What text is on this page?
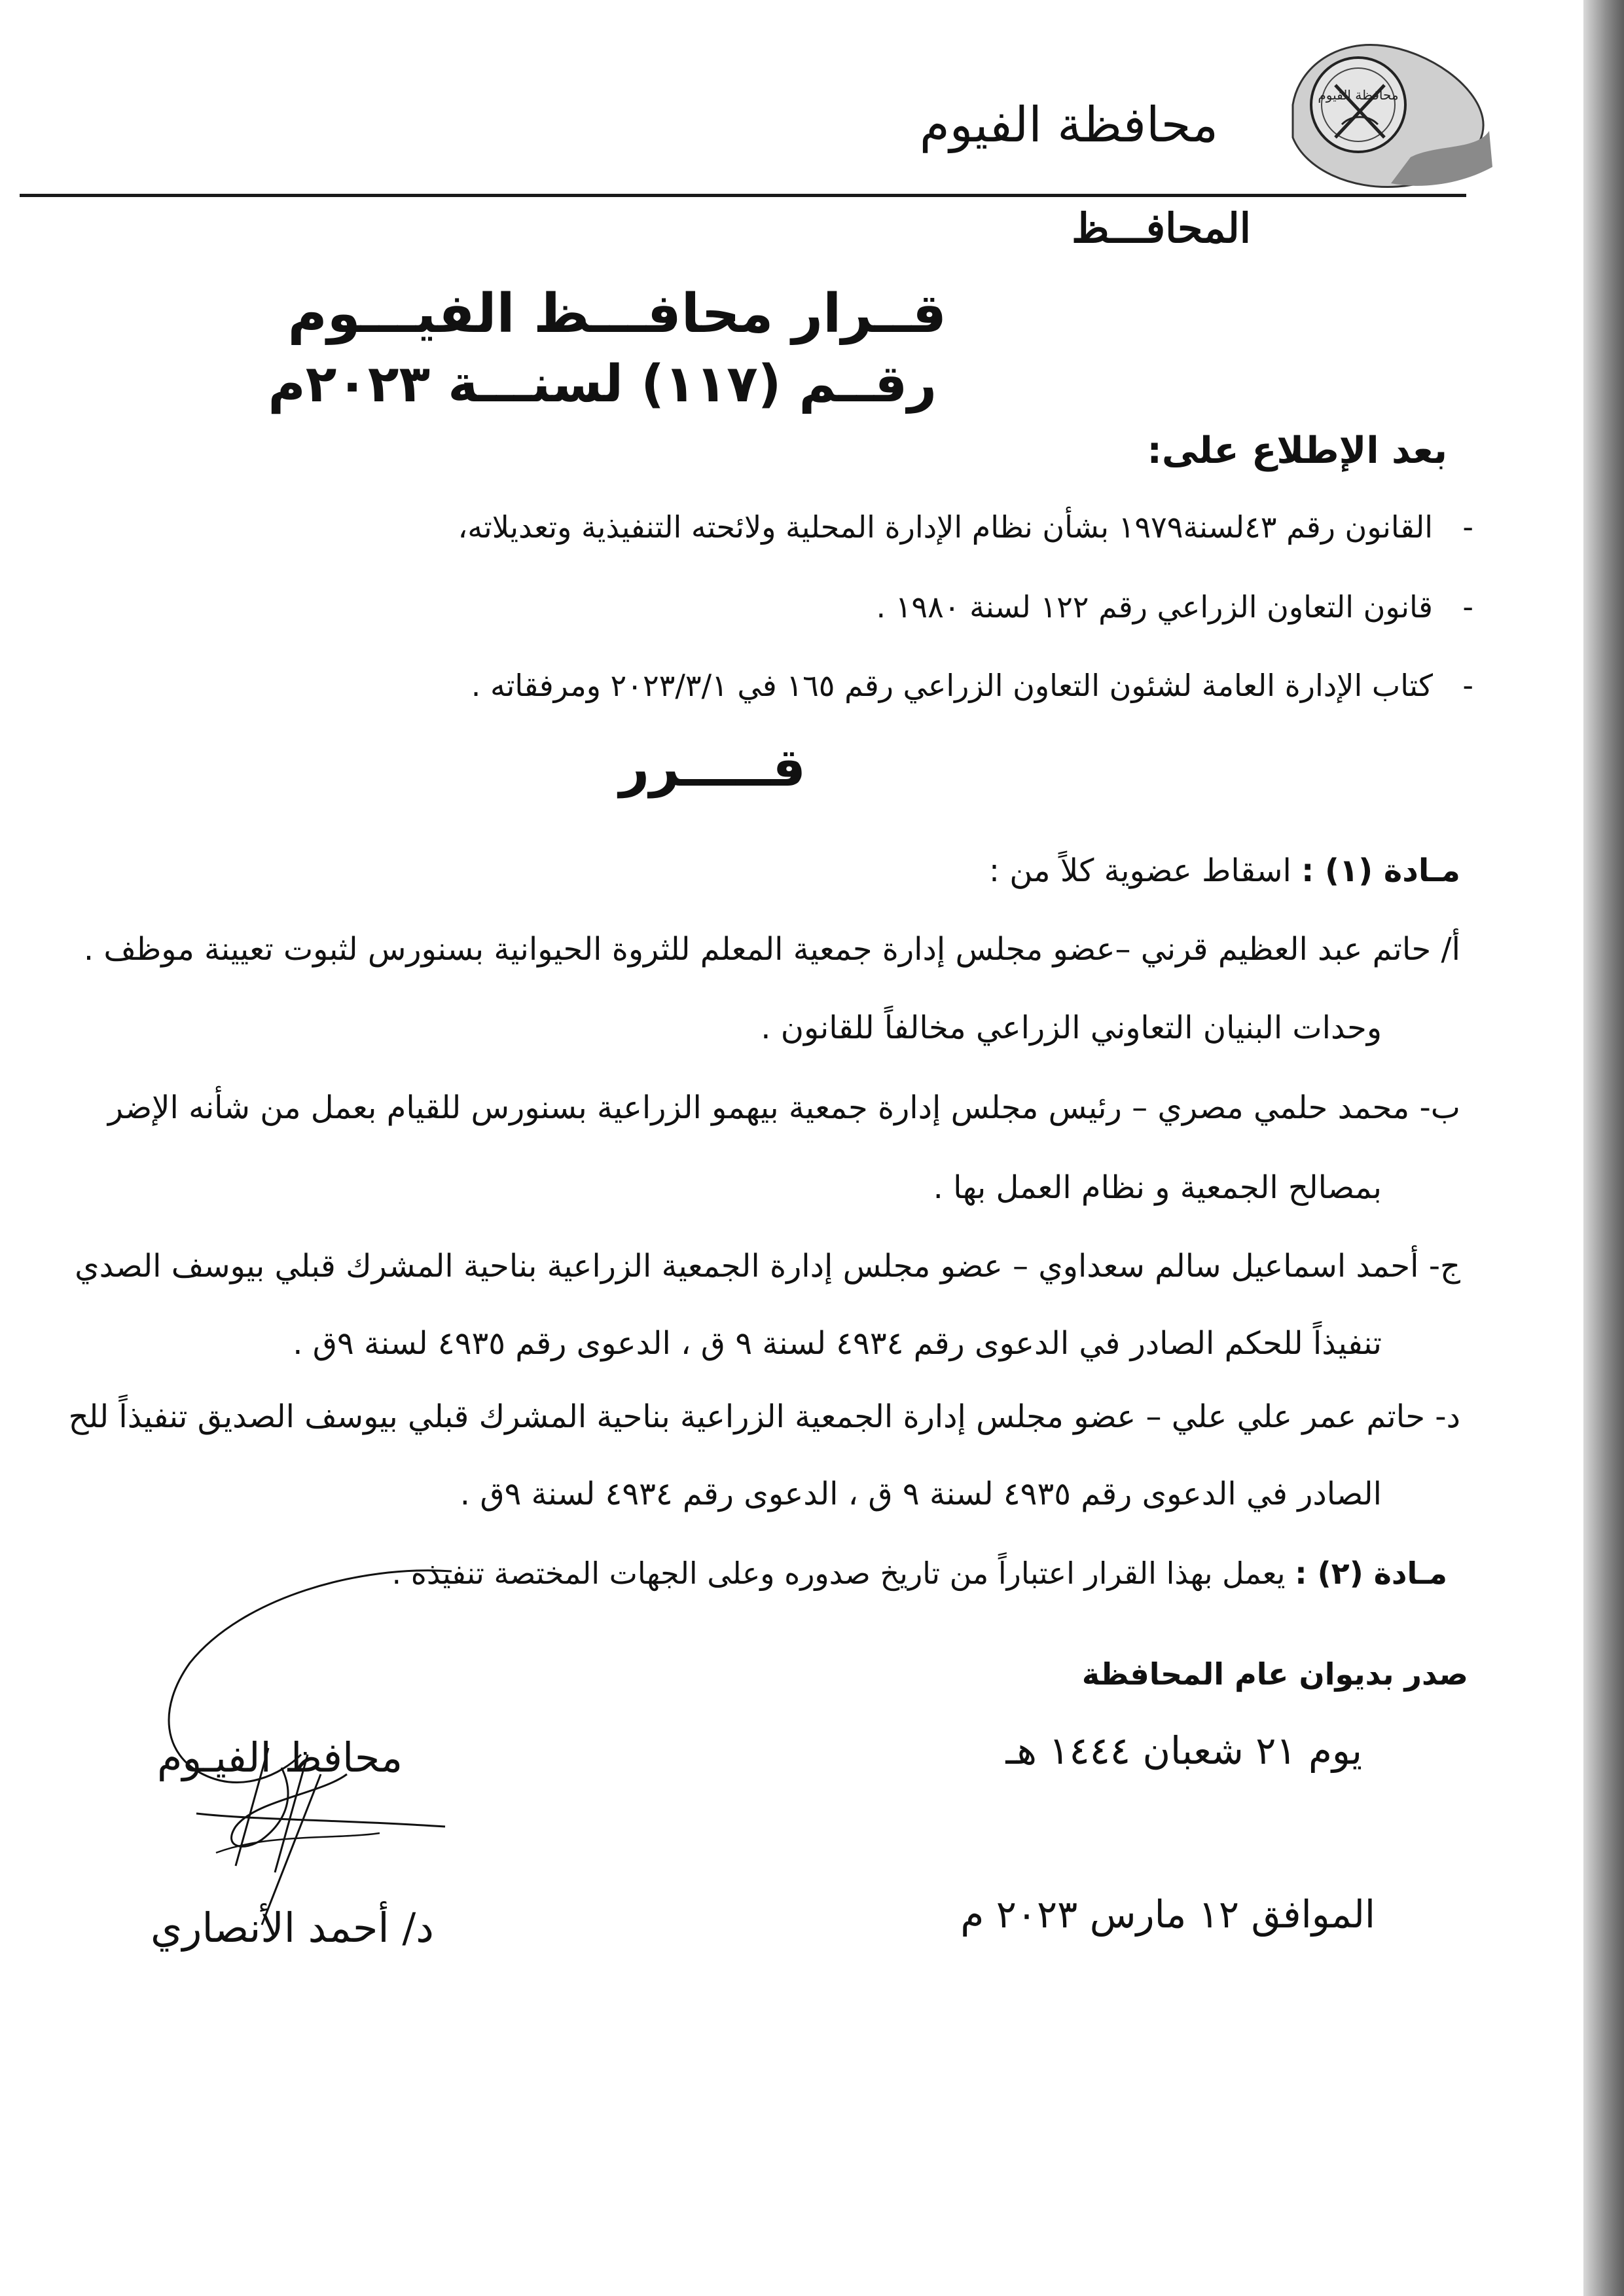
محافظة الفيوم
محافظة الفيوم
المحافـــظ
قــرار محافـــظ الفيـــوم
رقــم (١١٧) لسنـــة ٢٠٢٣م
بعد الإطلاع على:
-
القانون رقم ٤٣لسنة١٩٧٩ بشأن نظام الإدارة المحلية ولائحته التنفيذية وتعديلاته،
-
قانون التعاون الزراعي رقم ١٢٢ لسنة ١٩٨٠ .
-
كتاب الإدارة العامة لشئون التعاون الزراعي رقم ١٦٥ في ٢٠٢٣/٣/١ ومرفقاته .
قـــــرر
مـادة (١) : اسقاط عضوية كلاً من :
أ/ حاتم عبد العظيم قرني –عضو مجلس إدارة جمعية المعلم للثروة الحيوانية بسنورس لثبوت تعيينة موظف .
وحدات البنيان التعاوني الزراعي مخالفاً للقانون .
ب- محمد حلمي مصري – رئيس مجلس إدارة جمعية بيهمو الزراعية بسنورس للقيام بعمل من شأنه الإضر
بمصالح الجمعية و نظام العمل بها .
ج- أحمد اسماعيل سالم سعداوي – عضو مجلس إدارة الجمعية الزراعية بناحية المشرك قبلي بيوسف الصدي
تنفيذاً للحكم الصادر في الدعوى رقم ٤٩٣٤ لسنة ٩ ق ، الدعوى رقم ٤٩٣٥ لسنة ٩ق .
د- حاتم عمر علي علي – عضو مجلس إدارة الجمعية الزراعية بناحية المشرك قبلي بيوسف الصديق تنفيذاً للح
الصادر في الدعوى رقم ٤٩٣٥ لسنة ٩ ق ، الدعوى رقم ٤٩٣٤ لسنة ٩ق .
مـادة (٢) : يعمل بهذا القرار اعتباراً من تاريخ صدوره وعلى الجهات المختصة تنفيذه .
صدر بديوان عام المحافظة
يوم ٢١ شعبان ١٤٤٤ هـ
الموافق ١٢ مارس ٢٠٢٣ م
محافظ الفيـوم
د/ أحمد الأنصاري
